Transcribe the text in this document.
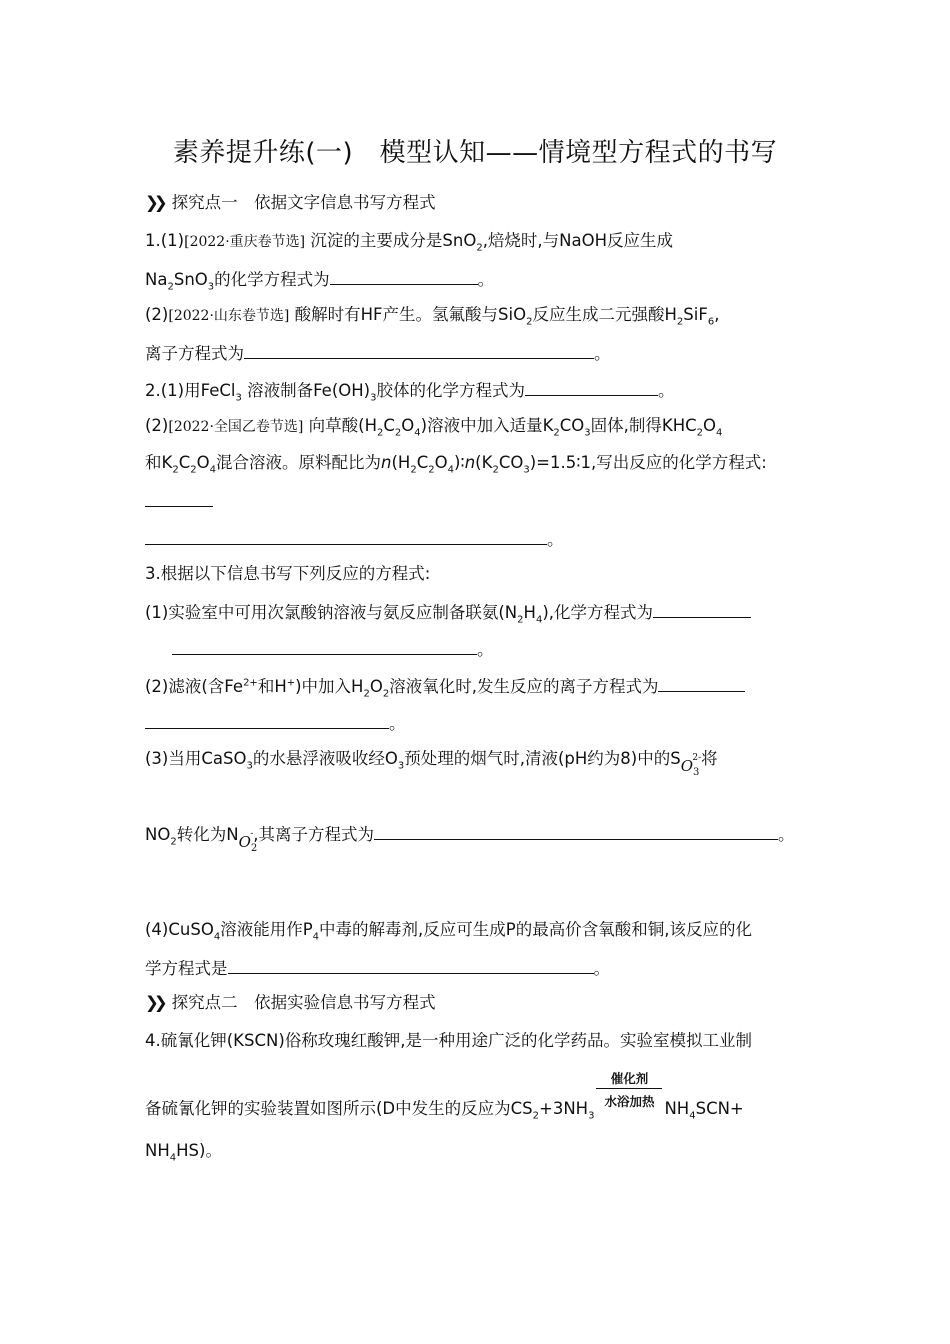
素养提升练(一)　模型认知——情境型方程式的书写
❯❯ 探究点一　依据文字信息书写方程式
1.(1)[2022·重庆卷节选] 沉淀的主要成分是SnO$_2$,焙烧时,与NaOH反应生成
$Na_2SnO_3$的化学方程式为	。
(2)[2022·山东卷节选] 酸解时有HF产生。氢氟酸与SiO$_2$反应生成二元强酸$H_2SiF_6$,
离子方程式为	。
2.(1)用FeCl$_3$ 溶液制备$Fe(OH)_3$胶体的化学方程式为	。
(2)[2022·全国乙卷节选] 向草酸$(H_2C_2O_4)$溶液中加入适量$K_2CO_3$固体,制得$KHC_2O_4$
和$K_2C_2O_4$混合溶液。原料配比为$n(H_2C_2O_4)∶n(K_2CO_3)=1.5∶1$,写出反应的化学方程式:
。
3.根据以下信息书写下列反应的方程式:
(1)实验室中可用次氯酸钠溶液与氨反应制备联氨$(N_2H_4)$,化学方程式为
。
(2)滤液(含$Fe^{2+}$和H+)中加入$H_2O_2$溶液氧化时,发生反应的离子方程式为
。
(3)当用CaSO$_3$的水悬浮液吸收经$O_3$预处理的烟气时,清液(pH约为8)中的$SO_3^{2-}$将
$NO_2$转化为$NO_2^-$,其离子方程式为	。
(4)CuSO$_4$溶液能用作$P_4$中毒的解毒剂,反应可生成P的最高价含氧酸和铜,该反应的化
学方程式是	。
❯❯ 探究点二　依据实验信息书写方程式
4.硫氰化钾(KSCN)俗称玫瑰红酸钾,是一种用途广泛的化学药品。实验室模拟工业制
备硫氰化钾的实验装置如图所示(D中发生的反应为$CS_2+3NH_3$
催化剂
水浴加热 $NH_4SCN+$
$NH_4HS$)。
